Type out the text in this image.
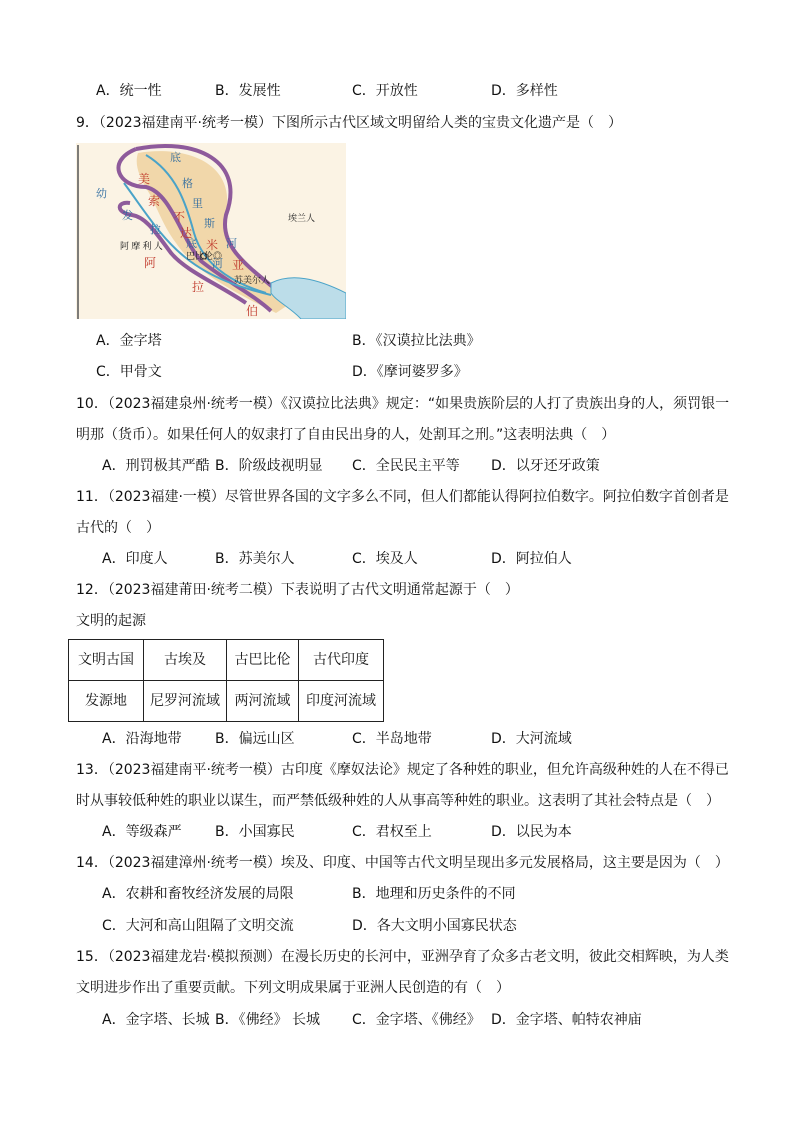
A．统一性	B．发展性	C．开放性	D．多样性
9．（2023福建南平·统考一模）下图所示古代区域文明留给人类的宝贵文化遗产是（　）
底
格
里
斯
河
美
索
不
达
米
亚
幼
发
拉
底
河
阿 摩 利 人
巴比伦◎
埃兰人
苏美尔人
阿
拉
伯
A．金字塔	B．《汉谟拉比法典》
C．甲骨文	D．《摩诃婆罗多》
10．（2023福建泉州·统考一模）《汉谟拉比法典》规定：“如果贵族阶层的人打了贵族出身的人，须罚银一
明那（货币）。如果任何人的奴隶打了自由民出身的人，处割耳之刑。”这表明法典（　）
A．刑罚极其严酷 B．阶级歧视明显 C．全民民主平等 D．以牙还牙政策
11．（2023福建·一模）尽管世界各国的文字多么不同，但人们都能认得阿拉伯数字。阿拉伯数字首创者是
古代的（　）
A．印度人	B．苏美尔人	C．埃及人	D．阿拉伯人
12．（2023福建莆田·统考二模）下表说明了古代文明通常起源于（　）
文明的起源
文明古国	古埃及	古巴比伦	古代印度
发源地	尼罗河流域	两河流域	印度河流域
A．沿海地带 B．偏远山区	C．半岛地带	D．大河流域
13．（2023福建南平·统考一模）古印度《摩奴法论》规定了各种姓的职业，但允许高级种姓的人在不得已
时从事较低种姓的职业以谋生，而严禁低级种姓的人从事高等种姓的职业。这表明了其社会特点是（　）
A．等级森严 B．小国寡民	C．君权至上	D．以民为本
14．（2023福建漳州·统考一模）埃及、印度、中国等古代文明呈现出多元发展格局，这主要是因为（　）
A．农耕和畜牧经济发展的局限	B．地理和历史条件的不同
C．大河和高山阻隔了文明交流	D．各大文明小国寡民状态
15．（2023福建龙岩·模拟预测）在漫长历史的长河中，亚洲孕育了众多古老文明，彼此交相辉映，为人类
文明进步作出了重要贡献。下列文明成果属于亚洲人民创造的有（　）
A．金字塔、长城 B．《佛经》 长城 C．金字塔、《佛经》 D．金字塔、帕特农神庙
